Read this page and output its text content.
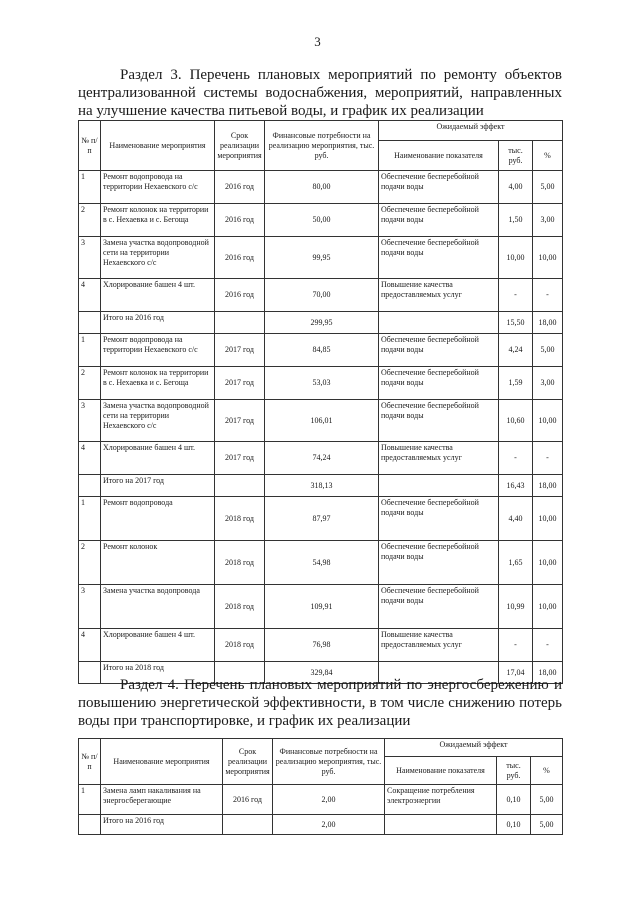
3
Раздел 3. Перечень плановых мероприятий по ремонту объектов централизованной системы водоснабжения, мероприятий, направленных на улучшение качества питьевой воды, и график их реализации
№ п/п	Наименование мероприятия	Срок реализации мероприятия	Финансовые потребности на реализацию мероприятия, тыс. руб.	Ожидаемый эффект		
				Наименование показателя	тыс. руб.	%
1	Ремонт водопровода на территории Нехаевского с/с	2016 год	80,00	Обеспечение бесперебойной подачи воды	4,00	5,00
2	Ремонт колонок на территории в с. Нехаевка и с. Бегоща	2016 год	50,00	Обеспечение бесперебойной подачи воды	1,50	3,00
3	Замена участка водопроводной сети на территории Нехаевского с/с	2016 год	99,95	Обеспечение бесперебойной подачи воды	10,00	10,00
4	Хлорирование башен 4 шт.	2016 год	70,00	Повышение качества предоставляемых услуг	-	-
	Итого на 2016 год		299,95		15,50	18,00
1	Ремонт водопровода на территории Нехаевского с/с	2017 год	84,85	Обеспечение бесперебойной подачи воды	4,24	5,00
2	Ремонт колонок на территории в с. Нехаевка и с. Бегоща	2017 год	53,03	Обеспечение бесперебойной подачи воды	1,59	3,00
3	Замена участка водопроводной сети на территории Нехаевского с/с	2017 год	106,01	Обеспечение бесперебойной подачи воды	10,60	10,00
4	Хлорирование башен 4 шт.	2017 год	74,24	Повышение качества предоставляемых услуг	-	-
	Итого на 2017 год		318,13		16,43	18,00
1	Ремонт водопровода	2018 год	87,97	Обеспечение бесперебойной подачи воды	4,40	10,00
2	Ремонт колонок	2018 год	54,98	Обеспечение бесперебойной подачи воды	1,65	10,00
3	Замена участка водопровода	2018 год	109,91	Обеспечение бесперебойной подачи воды	10,99	10,00
4	Хлорирование башен 4 шт.	2018 год	76,98	Повышение качества предоставляемых услуг	-	-
	Итого на 2018 год		329,84		17,04	18,00
Раздел 4. Перечень плановых мероприятий по энергосбережению и повышению энергетической эффективности, в том числе снижению потерь воды при транспортировке, и график их реализации
№ п/п	Наименование мероприятия	Срок реализации мероприятия	Финансовые потребности на реализацию мероприятия, тыс. руб.	Ожидаемый эффект		
				Наименование показателя	тыс. руб.	%
1	Замена ламп накаливания на энергосберегающие	2016 год	2,00	Сокращение потребления электроэнергии	0,10	5,00
	Итого на 2016 год		2,00		0,10	5,00
